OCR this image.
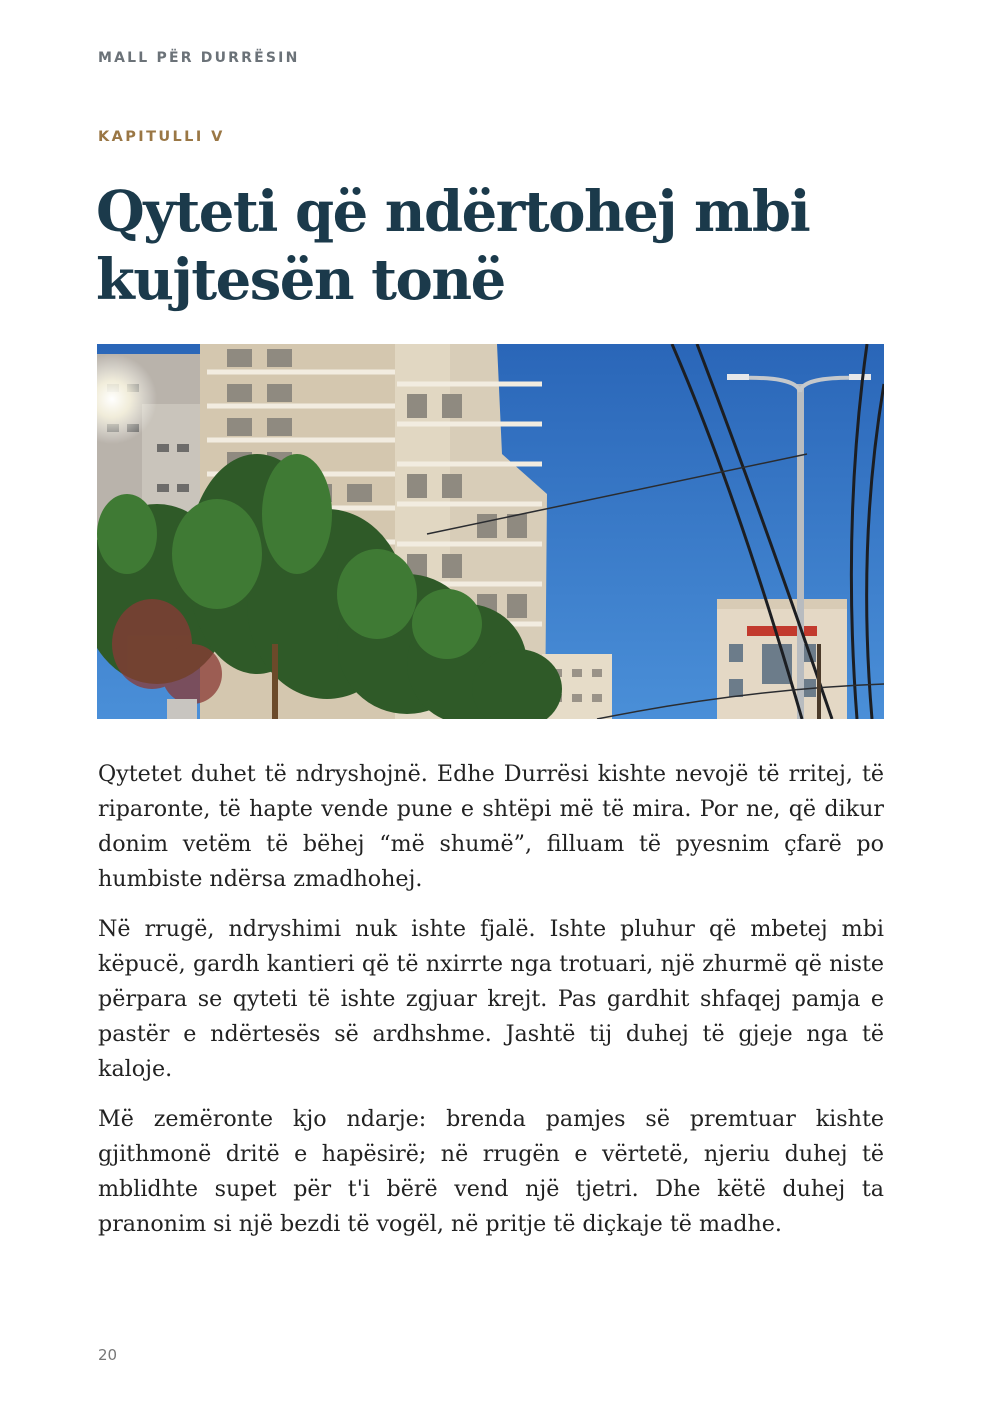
MALL PËR DURRËSIN
KAPITULLI V
Qyteti që ndërtohej mbi kujtesën tonë

Qytetet duhet të ndryshojnë. Edhe Durrësi kishte nevojë të rritej, të riparonte, të hapte vende pune e shtëpi më të mira. Por ne, që dikur donim vetëm të bëhej “më shumë”, filluam të pyesnim çfarë po humbiste ndërsa zmadhohej.

Në rrugë, ndryshimi nuk ishte fjalë. Ishte pluhur që mbetej mbi këpucë, gardh kantieri që të nxirrte nga trotuari, një zhurmë që niste përpara se qyteti të ishte zgjuar krejt. Pas gardhit shfaqej pamja e pastër e ndërtesës së ardhshme. Jashtë tij duhej të gjeje nga të kaloje.

Më zemëronte kjo ndarje: brenda pamjes së premtuar kishte gjithmonë dritë e hapësirë; në rrugën e vërtetë, njeriu duhej të mblidhte supet për t'i bërë vend një tjetri. Dhe këtë duhej ta pranonim si një bezdi të vogël, në pritje të diçkaje të madhe.

20
